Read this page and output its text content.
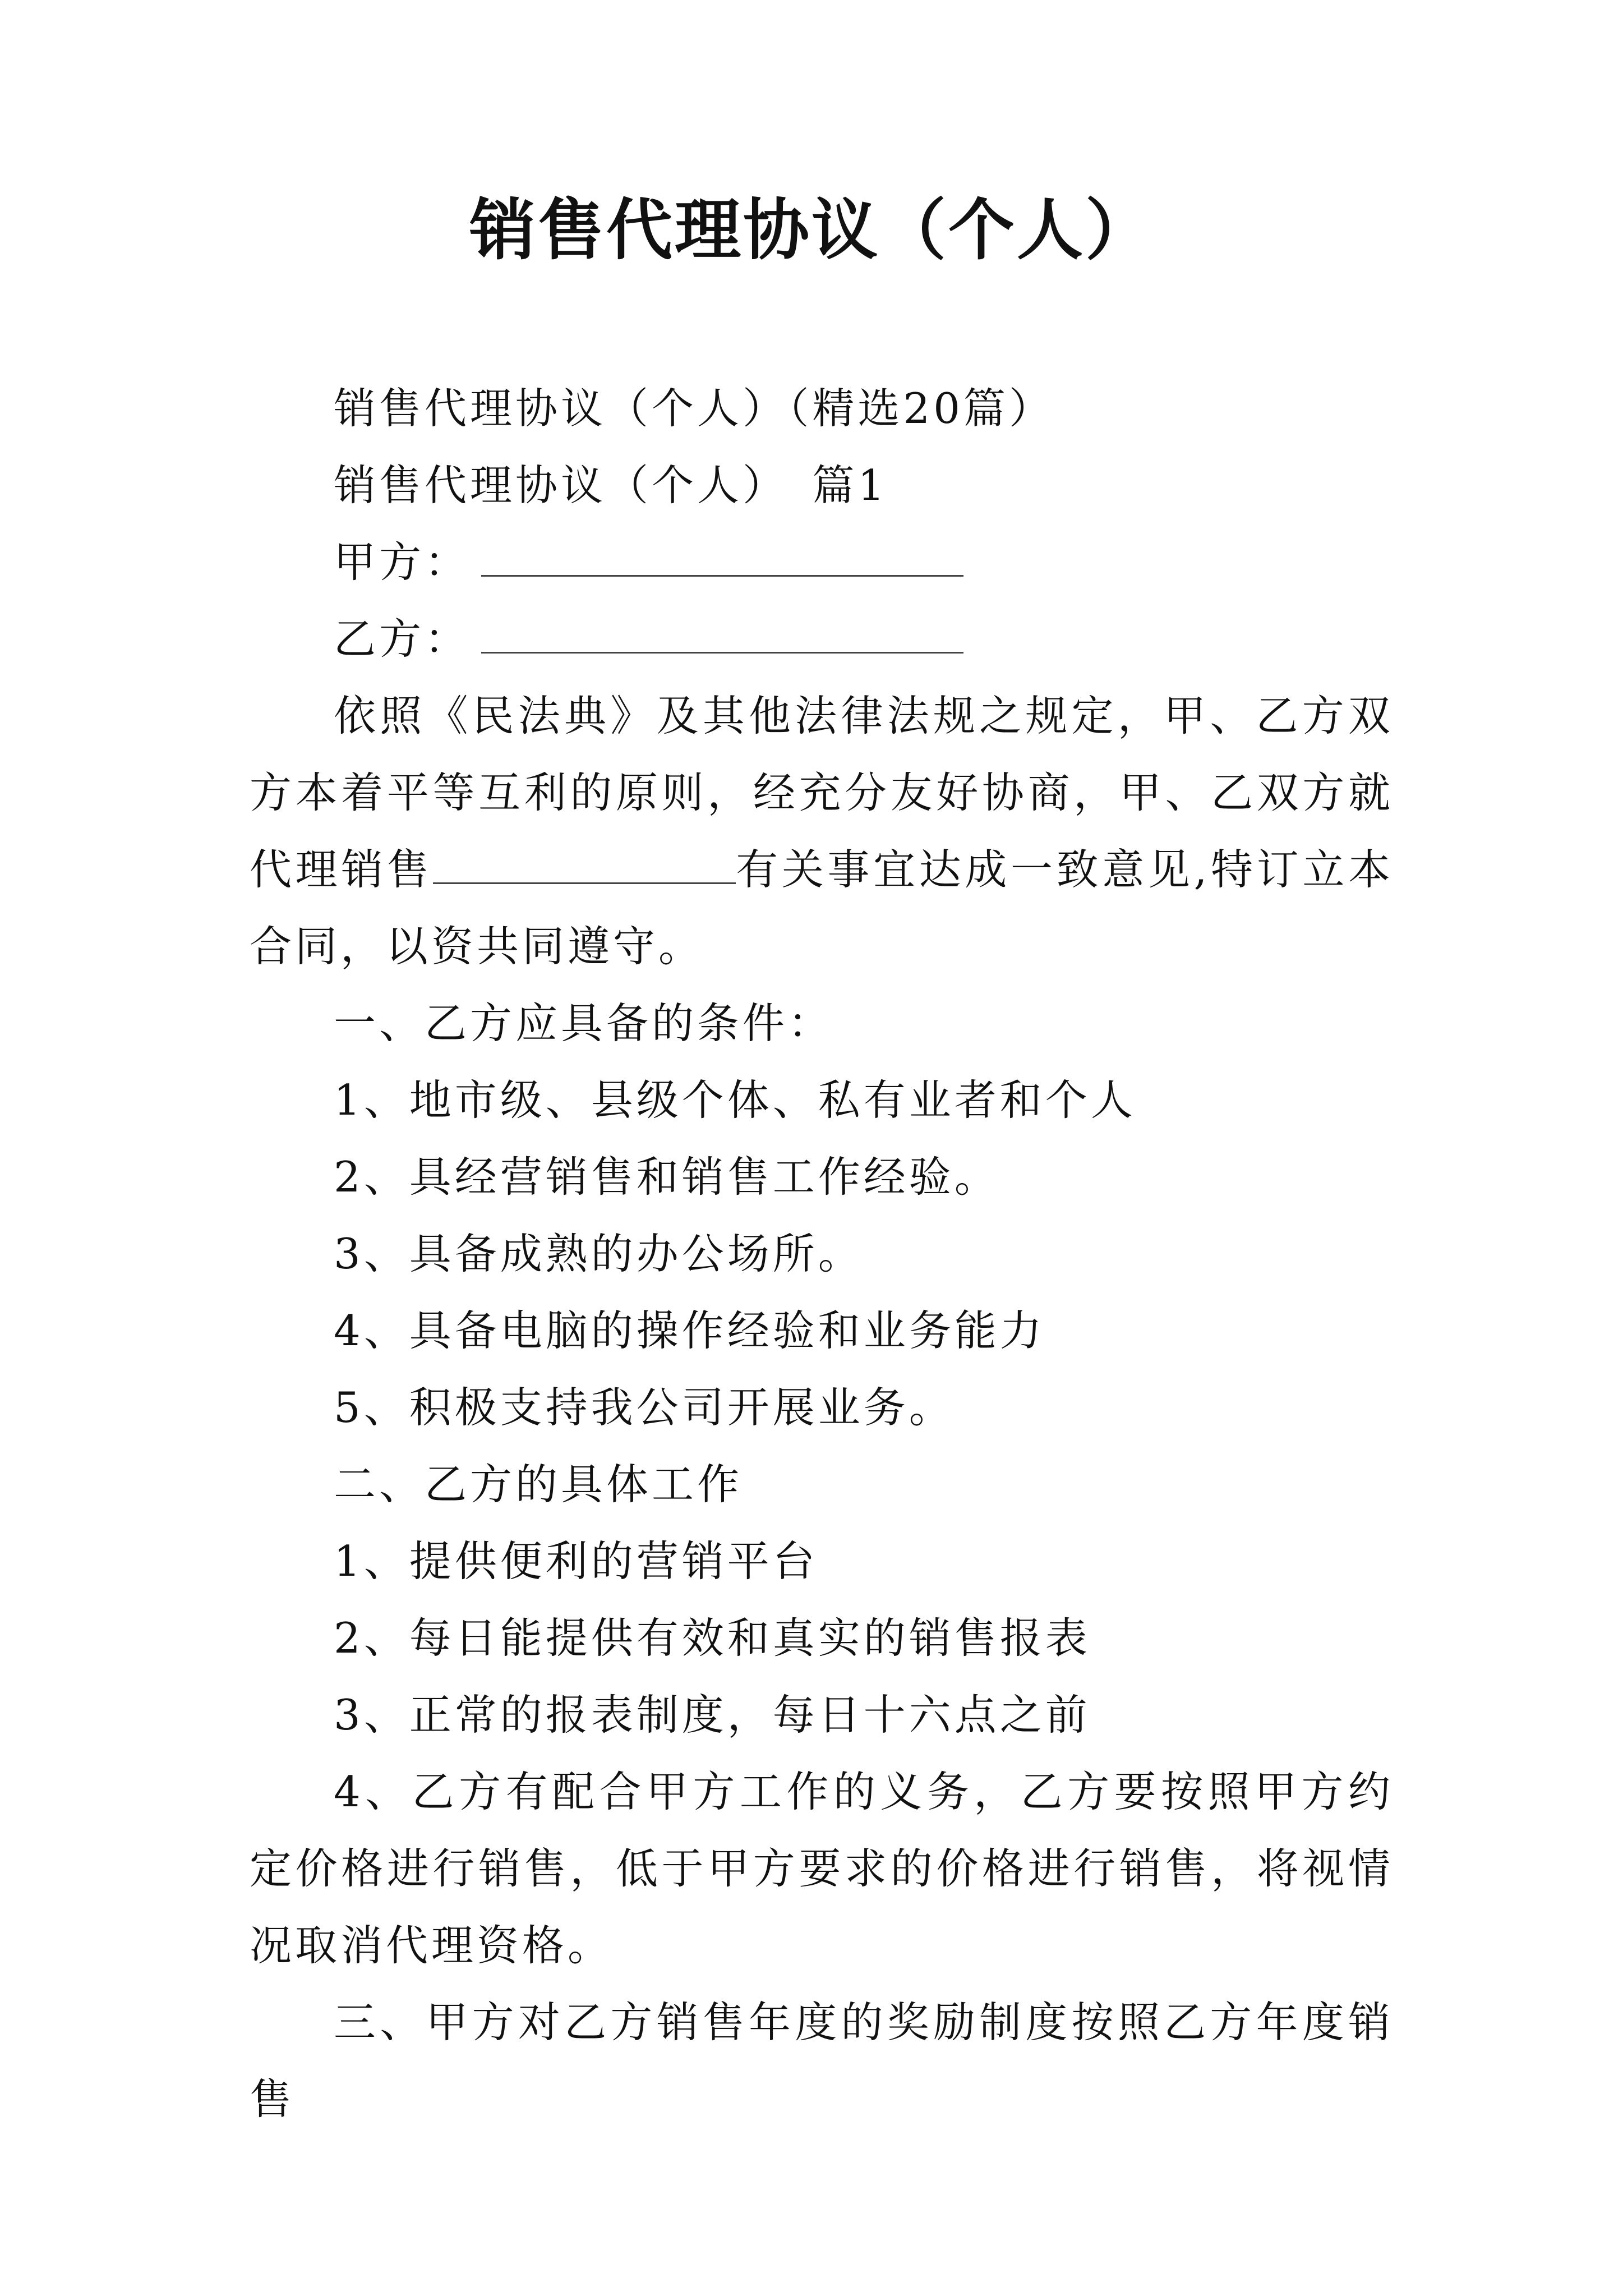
销售代理协议（个人）

销售代理协议（个人）（精选20篇）

销售代理协议（个人）　篇1

甲方：

乙方：

依照《民法典》及其他法律法规之规定，甲、乙方双方本着平等互利的原则，经充分友好协商，甲、乙双方就代理销售	有关事宜达成一致意见,特订立本合同，以资共同遵守。

一、乙方应具备的条件：

1、地市级、县级个体、私有业者和个人

2、具经营销售和销售工作经验。

3、具备成熟的办公场所。

4、具备电脑的操作经验和业务能力

5、积极支持我公司开展业务。

二、乙方的具体工作

1、提供便利的营销平台

2、每日能提供有效和真实的销售报表

3、正常的报表制度，每日十六点之前

4、乙方有配合甲方工作的义务，乙方要按照甲方约定价格进行销售，低于甲方要求的价格进行销售，将视情况取消代理资格。

三、甲方对乙方销售年度的奖励制度按照乙方年度销售
